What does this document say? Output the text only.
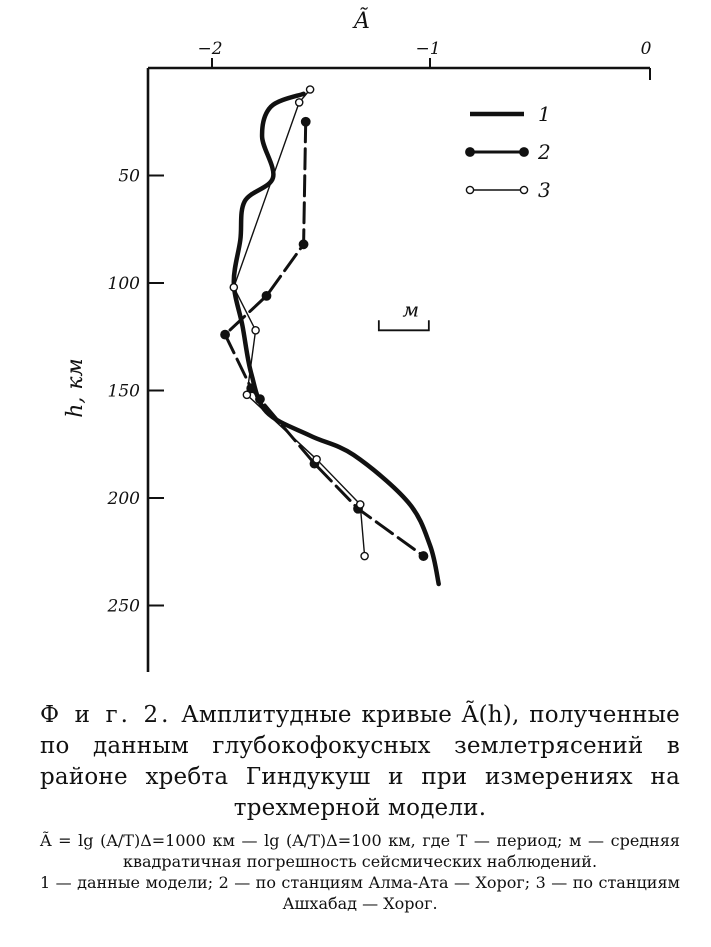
Ã
h, км
−2	−1	0
50
100
150
200
250
1
2
3
м
Ф и г. 2. Амплитудные кривые Ã(h), полученные по данным глубокофокусных землетрясений в районе хребта Гиндукуш и при измерениях на трехмерной модели.

Ã = lg (A/T)Δ=1000 км — lg (A/T)Δ=100 км, где T — период; м — средняя квадратичная погрешность сейсмических наблюдений.

1 — данные модели; 2 — по станциям Алма-Ата — Хорог; 3 — по станциям Ашхабад — Хорог.
